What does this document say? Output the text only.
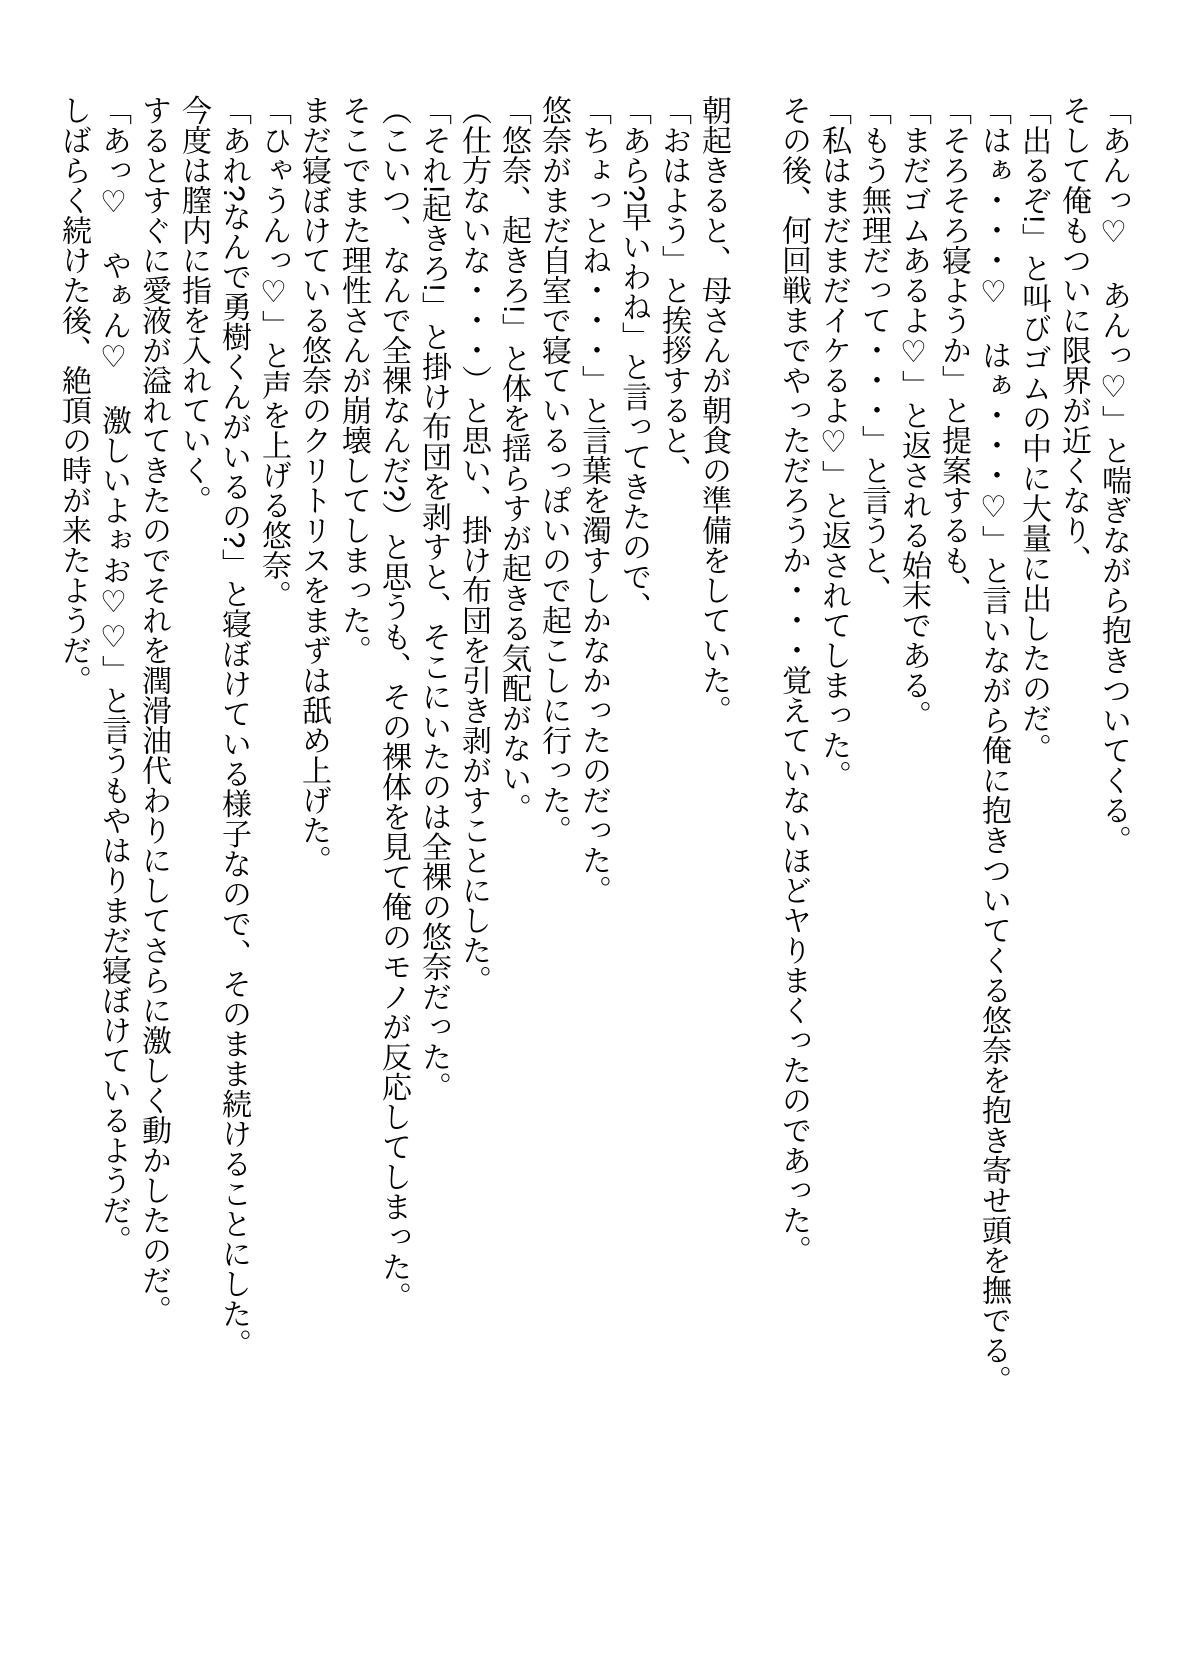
「あんっ♡　あんっ♡」と喘ぎながら抱きついてくる。

そして俺もついに限界が近くなり、

「出るぞ!」と叫びゴムの中に大量に出したのだ。

「はぁ・・・♡　はぁ・・・♡」と言いながら俺に抱きついてくる悠奈を抱き寄せ頭を撫でる。

「そろそろ寝ようか」と提案するも、

「まだゴムあるよ♡」と返される始末である。

「もう無理だって・・・」と言うと、

「私はまだまだイケるよ♡」と返されてしまった。

その後、何回戦までやっただろうか・・・覚えていないほどヤりまくったのであった。

朝起きると、母さんが朝食の準備をしていた。

「おはよう」と挨拶すると、

「あら?早いわね」と言ってきたので、

「ちょっとね・・・」と言葉を濁すしかなかったのだった。

悠奈がまだ自室で寝ているっぽいので起こしに行った。

「悠奈、起きろ!」と体を揺らすが起きる気配がない。

（仕方ないな・・・）と思い、掛け布団を引き剥がすことにした。

「それ!起きろ!」と掛け布団を剥すと、そこにいたのは全裸の悠奈だった。

（こいつ、なんで全裸なんだ?）と思うも、その裸体を見て俺のモノが反応してしまった。

そこでまた理性さんが崩壊してしまった。

まだ寝ぼけている悠奈のクリトリスをまずは舐め上げた。

「ひゃうんっ♡」と声を上げる悠奈。

「あれ?なんで勇樹くんがいるの?」と寝ぼけている様子なので、そのまま続けることにした。

今度は膣内に指を入れていく。

するとすぐに愛液が溢れてきたのでそれを潤滑油代わりにしてさらに激しく動かしたのだ。

「あっ♡　やぁん♡　激しいよぉお♡♡」と言うもやはりまだ寝ぼけているようだ。

しばらく続けた後、絶頂の時が来たようだ。
